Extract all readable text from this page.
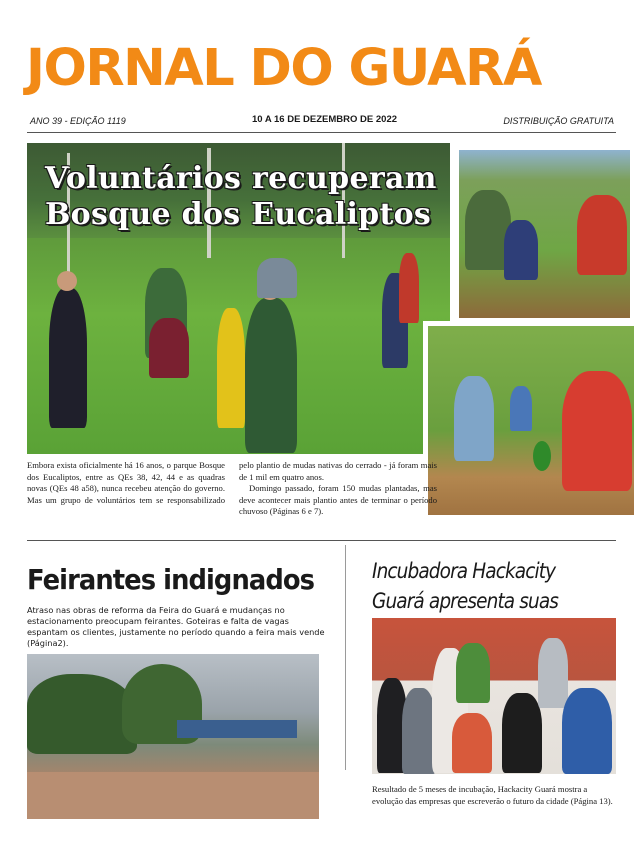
JORNAL DO GUARÁ
ANO 39 - EDIÇÃO 1119	10 A 16 DE DEZEMBRO DE 2022	DISTRIBUIÇÃO GRATUITA
Voluntários recuperam
Bosque dos Eucaliptos

Embora exista oficialmente há 16 anos, o parque Bosque dos Eucaliptos, entre as QEs 38, 42, 44 e as quadras novas (QEs 48 a58), nunca recebeu atenção do governo. Mas um grupo de voluntários tem se responsabilizado pelo plantio de mudas nativas do cerrado - já foram mais de 1 mil em quatro anos.

Domingo passado, foram 150 mudas plantadas, mas deve acontecer mais plantio antes de terminar o período chuvoso (Páginas 6 e 7).

Feirantes indignados
Atraso nas obras de reforma da Feira do Guará e mudanças no estacionamento preocupam feirantes. Goteiras e falta de vagas espantam os clientes, justamente no período quando a feira mais vende (Página2).
Incubadora Hackacity Guará apresenta suas
Resultado de 5 meses de incubação, Hackacity Guará mostra a evolução das empresas que escreverão o futuro da cidade (Página 13).
